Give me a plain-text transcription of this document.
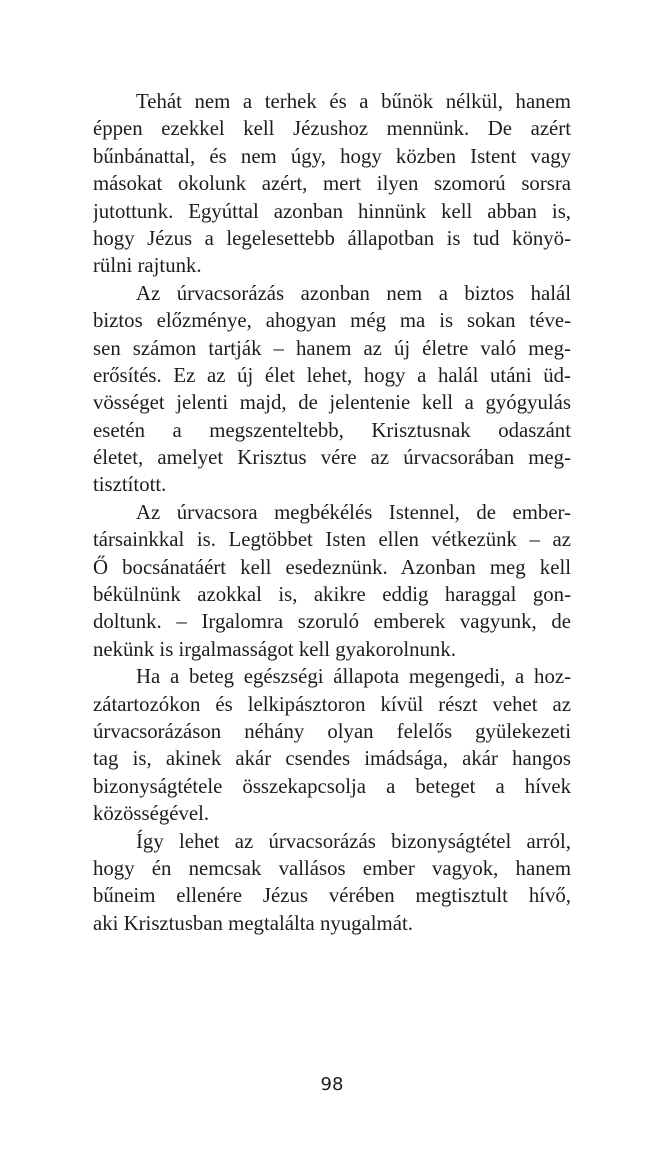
Tehát nem a terhek és a bűnök nélkül, hanem
éppen ezekkel kell Jézushoz mennünk. De azért
bűnbánattal, és nem úgy, hogy közben Istent vagy
másokat okolunk azért, mert ilyen szomorú sorsra
jutottunk. Egyúttal azonban hinnünk kell abban is,
hogy Jézus a legelesettebb állapotban is tud könyö-
rülni rajtunk.
Az úrvacsorázás azonban nem a biztos halál
biztos előzménye, ahogyan még ma is sokan téve-
sen számon tartják – hanem az új életre való meg-
erősítés. Ez az új élet lehet, hogy a halál utáni üd-
vösséget jelenti majd, de jelentenie kell a gyógyulás
esetén a megszenteltebb, Krisztusnak odaszánt
életet, amelyet Krisztus vére az úrvacsorában meg-
tisztított.
Az úrvacsora megbékélés Istennel, de ember-
társainkkal is. Legtöbbet Isten ellen vétkezünk – az
Ő bocsánatáért kell esedeznünk. Azonban meg kell
békülnünk azokkal is, akikre eddig haraggal gon-
doltunk. – Irgalomra szoruló emberek vagyunk, de
nekünk is irgalmasságot kell gyakorolnunk.
Ha a beteg egészségi állapota megengedi, a hoz-
zátartozókon és lelkipásztoron kívül részt vehet az
úrvacsorázáson néhány olyan felelős gyülekezeti
tag is, akinek akár csendes imádsága, akár hangos
bizonyságtétele összekapcsolja a beteget a hívek
közösségével.
Így lehet az úrvacsorázás bizonyságtétel arról,
hogy én nemcsak vallásos ember vagyok, hanem
bűneim ellenére Jézus vérében megtisztult hívő,
aki Krisztusban megtalálta nyugalmát.
98
